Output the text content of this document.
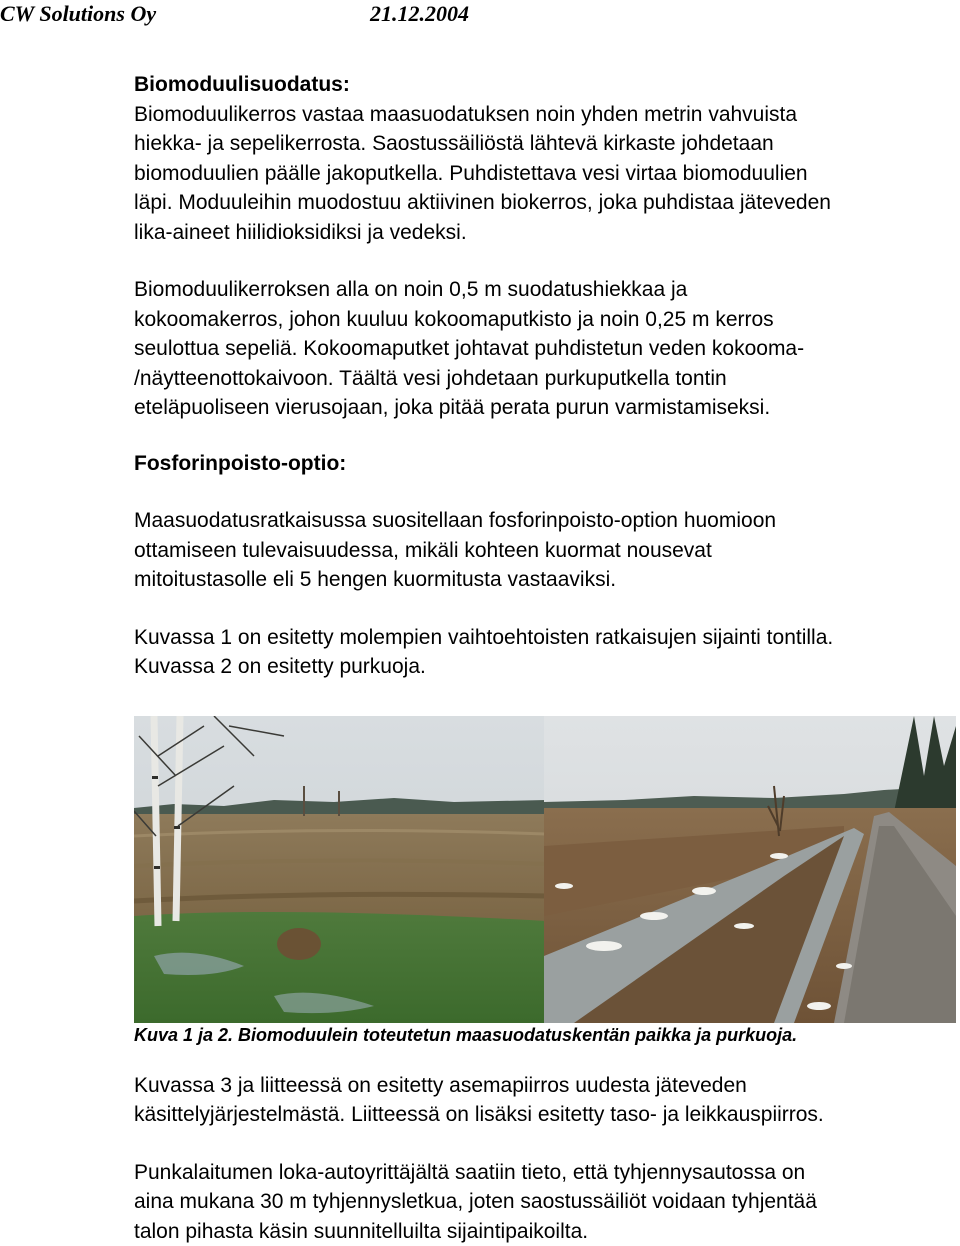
CW Solutions Oy	21.12.2004

Biomoduulisuodatus:

Biomoduulikerros vastaa maasuodatuksen noin yhden metrin vahvuista

hiekka- ja sepelikerrosta. Saostussäiliöstä lähtevä kirkaste johdetaan

biomoduulien päälle jakoputkella. Puhdistettava vesi virtaa biomoduulien

läpi. Moduuleihin muodostuu aktiivinen biokerros, joka puhdistaa jäteveden

lika-aineet hiilidioksidiksi ja vedeksi.

Biomoduulikerroksen alla on noin 0,5 m suodatushiekkaa ja

kokoomakerros, johon kuuluu kokoomaputkisto ja noin 0,25 m kerros

seulottua sepeliä. Kokoomaputket johtavat puhdistetun veden kokooma-

/näytteenottokaivoon. Täältä vesi johdetaan purkuputkella tontin

eteläpuoliseen vierusojaan, joka pitää perata purun varmistamiseksi.

Fosforinpoisto-optio:

Maasuodatusratkaisussa suositellaan fosforinpoisto-option huomioon

ottamiseen tulevaisuudessa, mikäli kohteen kuormat nousevat

mitoitustasolle eli 5 hengen kuormitusta vastaaviksi.

Kuvassa 1 on esitetty molempien vaihtoehtoisten ratkaisujen sijainti tontilla.

Kuvassa 2 on esitetty purkuoja.

Kuva 1 ja 2. Biomoduulein toteutetun maasuodatuskentän paikka ja purkuoja.

Kuvassa 3 ja liitteessä on esitetty asemapiirros uudesta jäteveden

käsittelyjärjestelmästä. Liitteessä on lisäksi esitetty taso- ja leikkauspiirros.

Punkalaitumen loka-autoyrittäjältä saatiin tieto, että tyhjennysautossa on

aina mukana 30 m tyhjennysletkua, joten saostussäiliöt voidaan tyhjentää

talon pihasta käsin suunnitelluilta sijaintipaikoilta.
